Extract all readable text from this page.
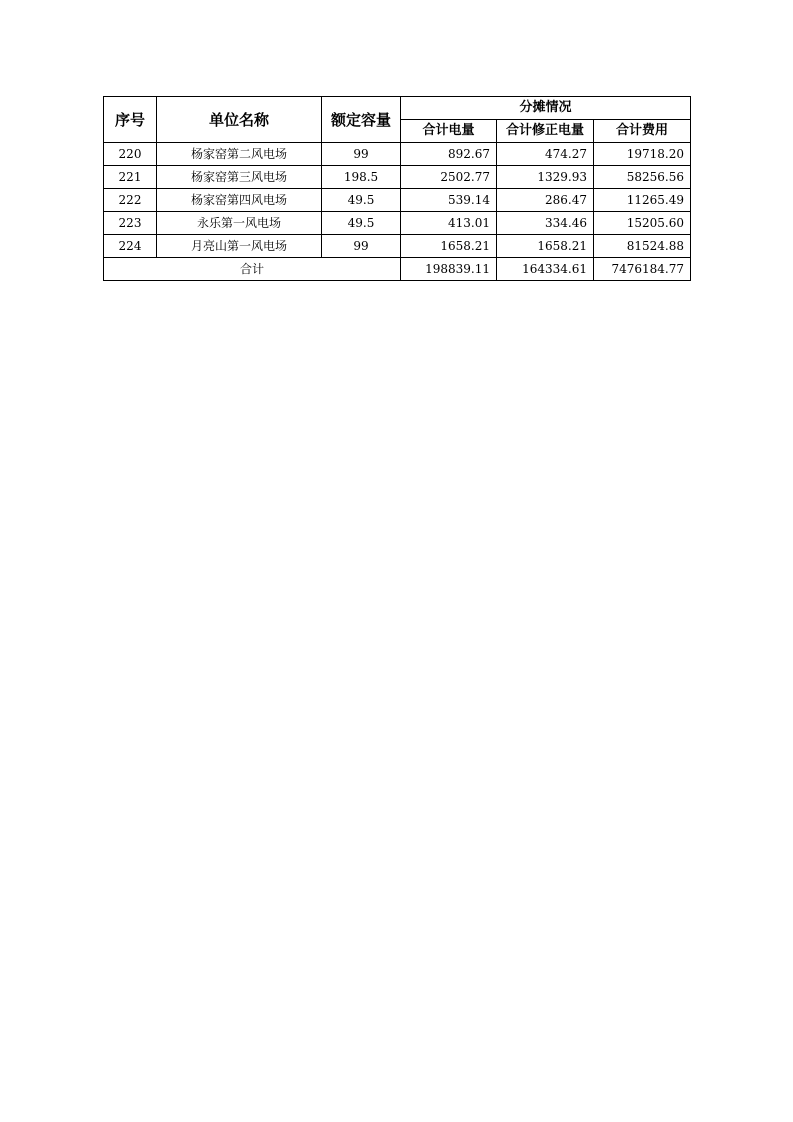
序号	单位名称	额定容量	分摊情况		
			合计电量	合计修正电量	合计费用
220	杨家窑第二风电场	99	892.67	474.27	19718.20
221	杨家窑第三风电场	198.5	2502.77	1329.93	58256.56
222	杨家窑第四风电场	49.5	539.14	286.47	11265.49
223	永乐第一风电场	49.5	413.01	334.46	15205.60
224	月亮山第一风电场	99	1658.21	1658.21	81524.88
合计			198839.11	164334.61	7476184.77
